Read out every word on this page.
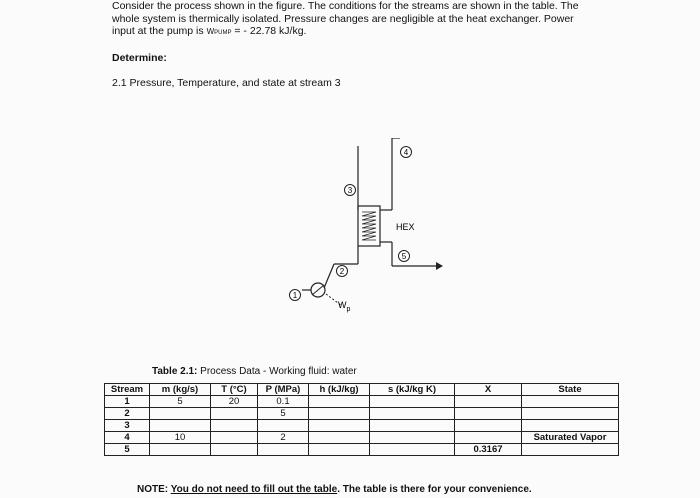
Consider the process shown in the figure. The conditions for the streams are shown in the table. The
whole system is thermically isolated. Pressure changes are negligible at the heat exchanger. Power
input at the pump is WPUMP = - 22.78 kJ/kg.
Determine:
2.1 Pressure, Temperature, and state at stream 3
4
3
5
2
1
HEX
$W_p$
Table 2.1: Process Data - Working fluid: water
Stream	m (kg/s)	T (°C)	P (MPa)	h (kJ/kg)	s (kJ/kg K)	X	State
1	5	20	0.1				
2			5				
3							
4	10		2				Saturated Vapor
5						0.3167	
NOTE: You do not need to fill out the table. The table is there for your convenience.
